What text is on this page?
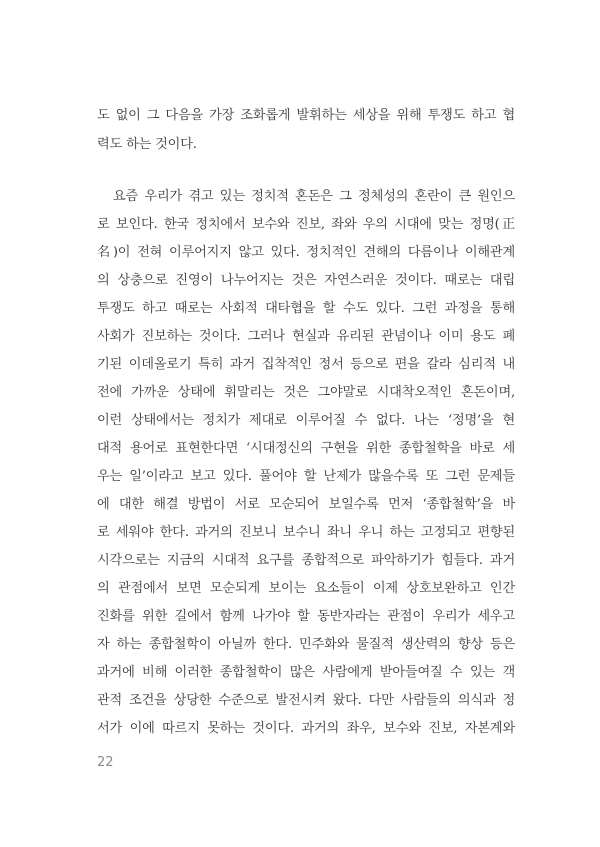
도 없이 그 다음을 가장 조화롭게 발휘하는 세상을 위해 투쟁도 하고 협
력도 하는 것이다.
요즘 우리가 겪고 있는 정치적 혼돈은 그 정체성의 혼란이 큰 원인으
로 보인다. 한국 정치에서 보수와 진보, 좌와 우의 시대에 맞는 정명(正
名)이 전혀 이루어지지 않고 있다. 정치적인 견해의 다름이나 이해관계
의 상충으로 진영이 나누어지는 것은 자연스러운 것이다. 때로는 대립
투쟁도 하고 때로는 사회적 대타협을 할 수도 있다. 그런 과정을 통해
사회가 진보하는 것이다. 그러나 현실과 유리된 관념이나 이미 용도 폐
기된 이데올로기 특히 과거 집착적인 정서 등으로 편을 갈라 심리적 내
전에 가까운 상태에 휘말리는 것은 그야말로 시대착오적인 혼돈이며,
이런 상태에서는 정치가 제대로 이루어질 수 없다. 나는 ‘정명’을 현
대적 용어로 표현한다면 ‘시대정신의 구현을 위한 종합철학을 바로 세
우는 일’이라고 보고 있다. 풀어야 할 난제가 많을수록 또 그런 문제들
에 대한 해결 방법이 서로 모순되어 보일수록 먼저 ‘종합철학’을 바
로 세워야 한다. 과거의 진보니 보수니 좌니 우니 하는 고정되고 편향된
시각으로는 지금의 시대적 요구를 종합적으로 파악하기가 힘들다. 과거
의 관점에서 보면 모순되게 보이는 요소들이 이제 상호보완하고 인간
진화를 위한 길에서 함께 나가야 할 동반자라는 관점이 우리가 세우고
자 하는 종합철학이 아닐까 한다. 민주화와 물질적 생산력의 향상 등은
과거에 비해 이러한 종합철학이 많은 사람에게 받아들여질 수 있는 객
관적 조건을 상당한 수준으로 발전시켜 왔다. 다만 사람들의 의식과 정
서가 이에 따르지 못하는 것이다. 과거의 좌우, 보수와 진보, 자본계와
22
